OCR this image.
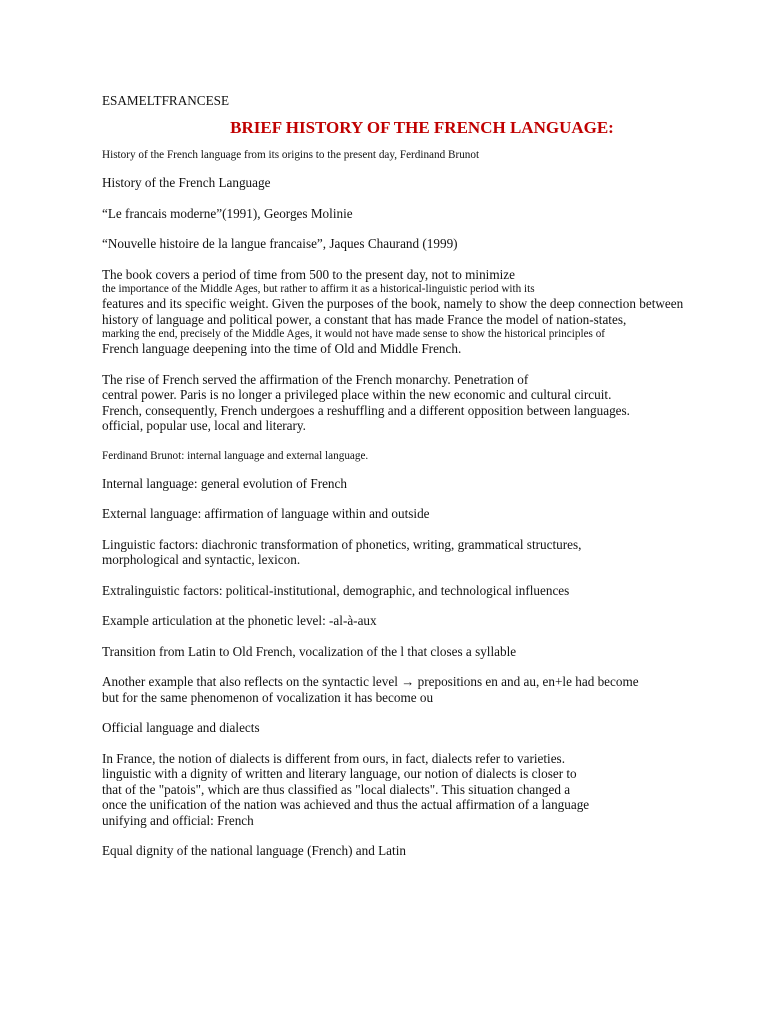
ESAMELTFRANCESE
BRIEF HISTORY OF THE FRENCH LANGUAGE:
History of the French language from its origins to the present day, Ferdinand Brunot
History of the French Language
“Le francais moderne”(1991), Georges Molinie
“Nouvelle histoire de la langue francaise”, Jaques Chaurand (1999)
The book covers a period of time from 500 to the present day, not to minimize
the importance of the Middle Ages, but rather to affirm it as a historical-linguistic period with its
features and its specific weight. Given the purposes of the book, namely to show the deep connection between
history of language and political power, a constant that has made France the model of nation-states,
marking the end, precisely of the Middle Ages, it would not have made sense to show the historical principles of
French language deepening into the time of Old and Middle French.
The rise of French served the affirmation of the French monarchy. Penetration of
central power. Paris is no longer a privileged place within the new economic and cultural circuit.
French, consequently, French undergoes a reshuffling and a different opposition between languages.
official, popular use, local and literary.
Ferdinand Brunot: internal language and external language.
Internal language: general evolution of French
External language: affirmation of language within and outside
Linguistic factors: diachronic transformation of phonetics, writing, grammatical structures,
morphological and syntactic, lexicon.
Extralinguistic factors: political-institutional, demographic, and technological influences
Example articulation at the phonetic level: -al-à-aux
Transition from Latin to Old French, vocalization of the l that closes a syllable
Another example that also reflects on the syntactic level → prepositions en and au, en+le had become
but for the same phenomenon of vocalization it has become ou
Official language and dialects
In France, the notion of dialects is different from ours, in fact, dialects refer to varieties.
linguistic with a dignity of written and literary language, our notion of dialects is closer to
that of the "patois", which are thus classified as "local dialects". This situation changed a
once the unification of the nation was achieved and thus the actual affirmation of a language
unifying and official: French
Equal dignity of the national language (French) and Latin
